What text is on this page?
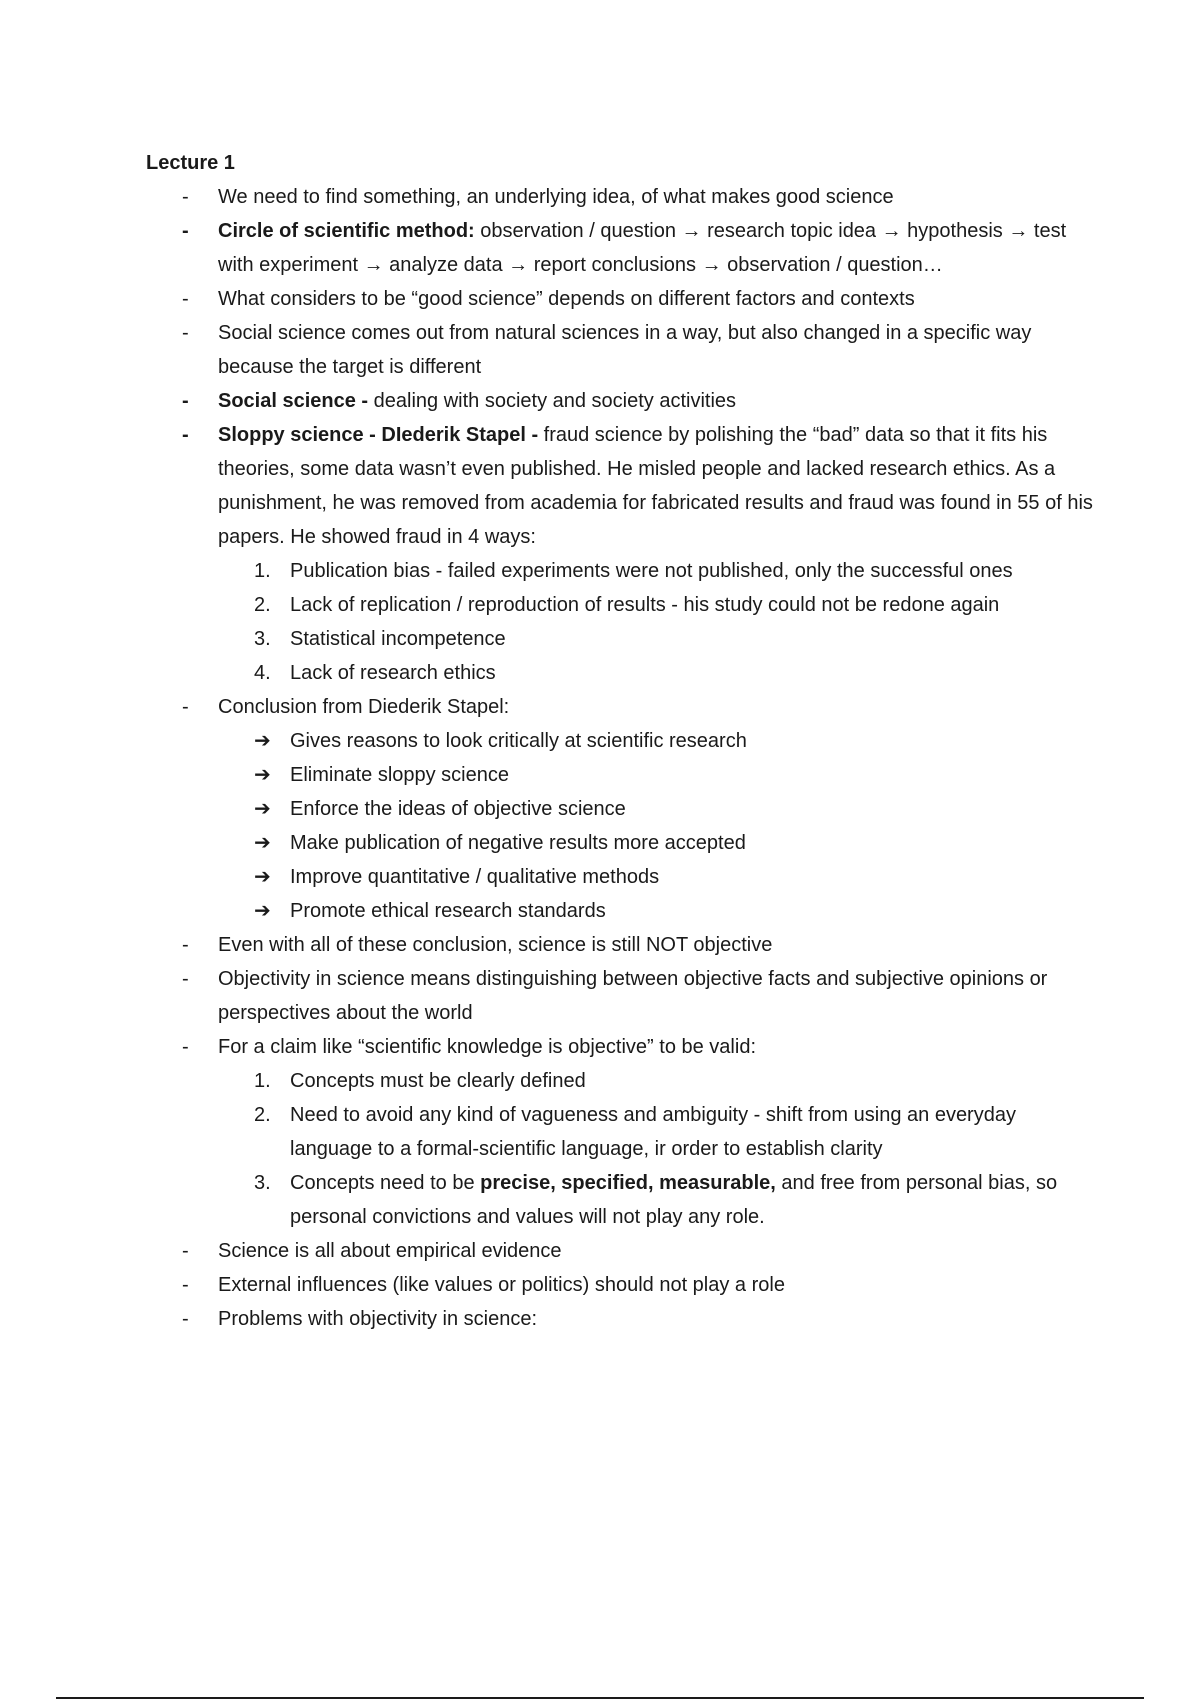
Lecture 1

-	We need to find something, an underlying idea, of what makes good science
-	Circle of scientific method: observation / question → research topic idea → hypothesis → test with experiment → analyze data → report conclusions → observation / question…
-	What considers to be “good science” depends on different factors and contexts
-	Social science comes out from natural sciences in a way, but also changed in a specific way because the target is different
-	Social science - dealing with society and society activities
-	Sloppy science - DIederik Stapel - fraud science by polishing the “bad” data so that it fits his theories, some data wasn’t even published. He misled people and lacked research ethics. As a punishment, he was removed from academia for fabricated results and fraud was found in 55 of his papers. He showed fraud in 4 ways:
1. Publication bias - failed experiments were not published, only the successful ones
2. Lack of replication / reproduction of results - his study could not be redone again
3. Statistical incompetence
4. Lack of research ethics
-	Conclusion from Diederik Stapel:
➔ Gives reasons to look critically at scientific research
➔ Eliminate sloppy science
➔ Enforce the ideas of objective science
➔ Make publication of negative results more accepted
➔ Improve quantitative / qualitative methods
➔ Promote ethical research standards
-	Even with all of these conclusion, science is still NOT objective
-	Objectivity in science means distinguishing between objective facts and subjective opinions or perspectives about the world
-	For a claim like “scientific knowledge is objective” to be valid:
1. Concepts must be clearly defined
2. Need to avoid any kind of vagueness and ambiguity - shift from using an everyday language to a formal-scientific language, ir order to establish clarity
3. Concepts need to be precise, specified, measurable, and free from personal bias, so personal convictions and values will not play any role.
-	Science is all about empirical evidence
-	External influences (like values or politics) should not play a role
-	Problems with objectivity in science:
